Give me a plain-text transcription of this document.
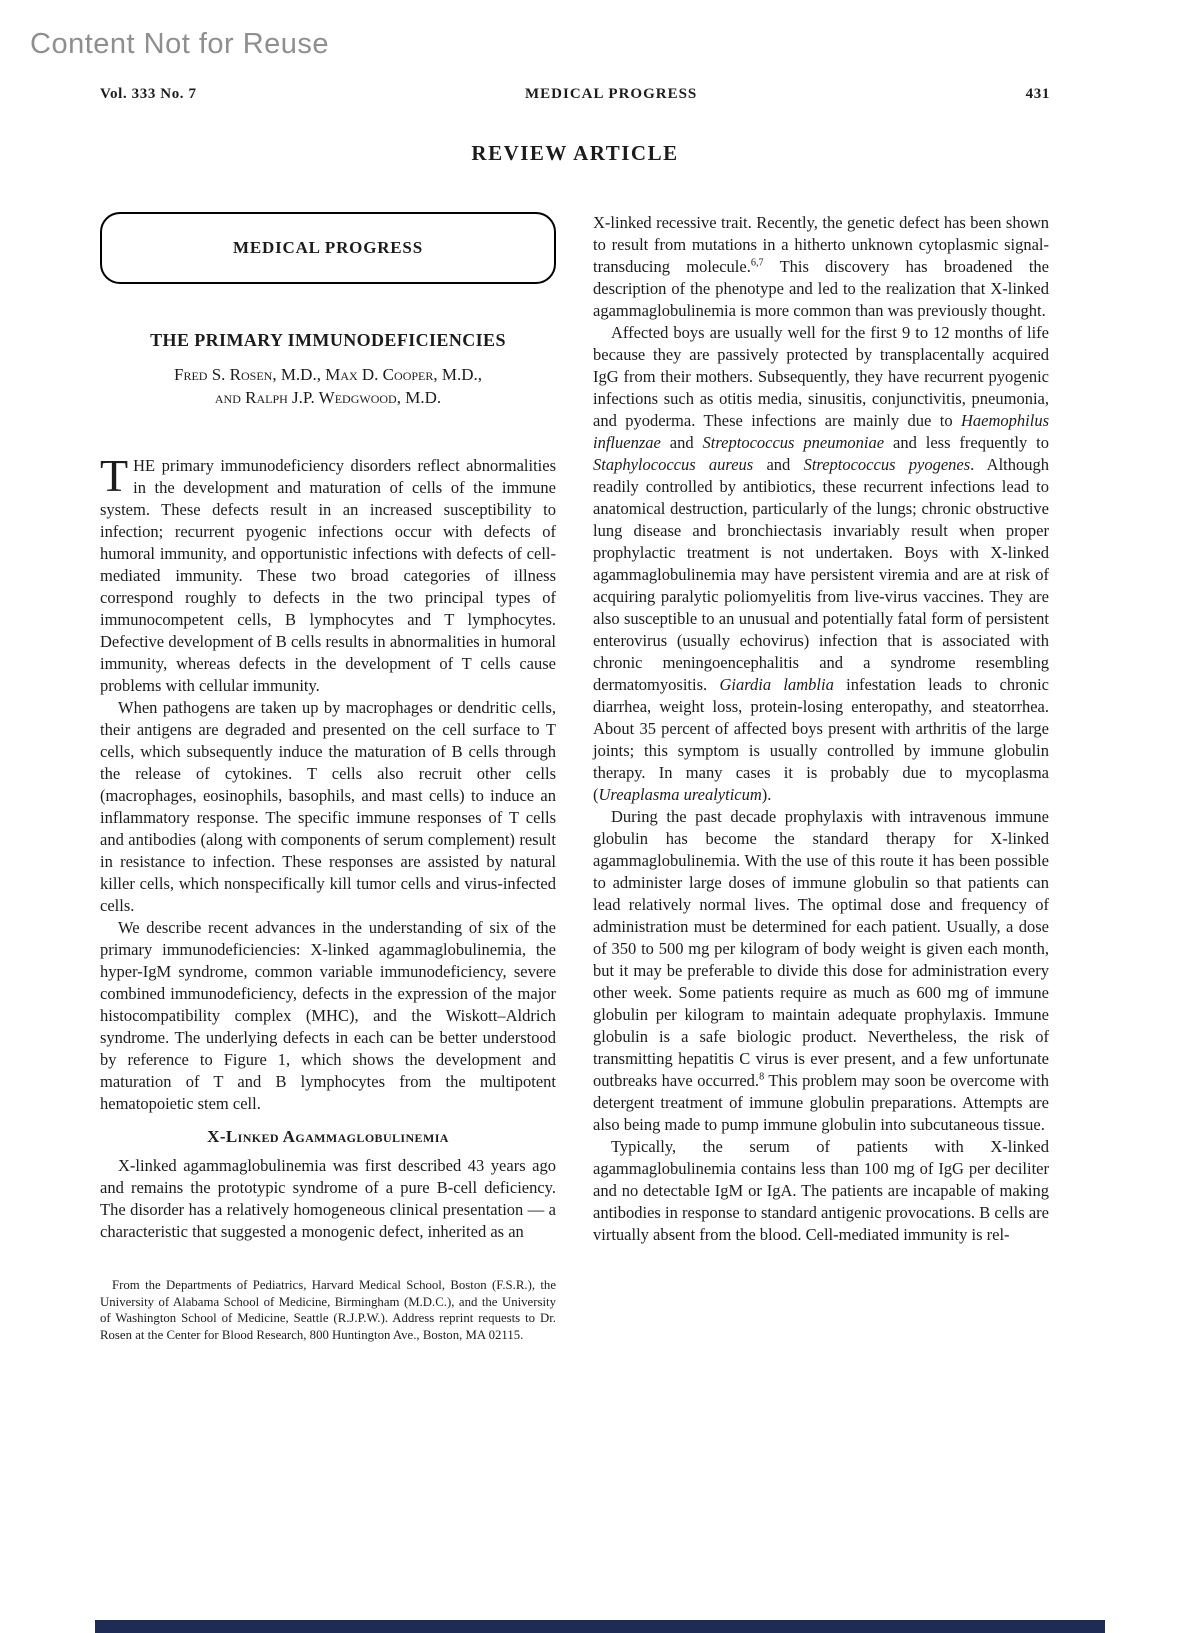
Content Not for Reuse
Vol. 333 No. 7	MEDICAL PROGRESS	431
REVIEW ARTICLE
MEDICAL PROGRESS
THE PRIMARY IMMUNODEFICIENCIES
Fred S. Rosen, M.D., Max D. Cooper, M.D.,
and Ralph J.P. Wedgwood, M.D.

THE primary immunodeficiency disorders reflect abnormalities in the development and maturation of cells of the immune system. These defects result in an increased susceptibility to infection; recurrent pyogenic infections occur with defects of humoral immunity, and opportunistic infections with defects of cell-mediated immunity. These two broad categories of illness correspond roughly to defects in the two principal types of immunocompetent cells, B lymphocytes and T lymphocytes. Defective development of B cells results in abnormalities in humoral immunity, whereas defects in the development of T cells cause problems with cellular immunity.

When pathogens are taken up by macrophages or dendritic cells, their antigens are degraded and presented on the cell surface to T cells, which subsequently induce the maturation of B cells through the release of cytokines. T cells also recruit other cells (macrophages, eosinophils, basophils, and mast cells) to induce an inflammatory response. The specific immune responses of T cells and antibodies (along with components of serum complement) result in resistance to infection. These responses are assisted by natural killer cells, which nonspecifically kill tumor cells and virus-infected cells.

We describe recent advances in the understanding of six of the primary immunodeficiencies: X-linked agammaglobulinemia, the hyper-IgM syndrome, common variable immunodeficiency, severe combined immunodeficiency, defects in the expression of the major histocompatibility complex (MHC), and the Wiskott–Aldrich syndrome. The underlying defects in each can be better understood by reference to Figure 1, which shows the development and maturation of T and B lymphocytes from the multipotent hematopoietic stem cell.

X-Linked Agammaglobulinemia

X-linked agammaglobulinemia was first described 43 years ago and remains the prototypic syndrome of a pure B-cell deficiency. The disorder has a relatively homogeneous clinical presentation — a characteristic that suggested a monogenic defect, inherited as an

From the Departments of Pediatrics, Harvard Medical School, Boston (F.S.R.), the University of Alabama School of Medicine, Birmingham (M.D.C.), and the University of Washington School of Medicine, Seattle (R.J.P.W.). Address reprint requests to Dr. Rosen at the Center for Blood Research, 800 Huntington Ave., Boston, MA 02115.

X-linked recessive trait. Recently, the genetic defect has been shown to result from mutations in a hitherto unknown cytoplasmic signal-transducing molecule.$^{6,7}$ This discovery has broadened the description of the phenotype and led to the realization that X-linked agammaglobulinemia is more common than was previously thought.

Affected boys are usually well for the first 9 to 12 months of life because they are passively protected by transplacentally acquired IgG from their mothers. Subsequently, they have recurrent pyogenic infections such as otitis media, sinusitis, conjunctivitis, pneumonia, and pyoderma. These infections are mainly due to Haemophilus influenzae and Streptococcus pneumoniae and less frequently to Staphylococcus aureus and Streptococcus pyogenes. Although readily controlled by antibiotics, these recurrent infections lead to anatomical destruction, particularly of the lungs; chronic obstructive lung disease and bronchiectasis invariably result when proper prophylactic treatment is not undertaken. Boys with X-linked agammaglobulinemia may have persistent viremia and are at risk of acquiring paralytic poliomyelitis from live-virus vaccines. They are also susceptible to an unusual and potentially fatal form of persistent enterovirus (usually echovirus) infection that is associated with chronic meningoencephalitis and a syndrome resembling dermatomyositis. Giardia lamblia infestation leads to chronic diarrhea, weight loss, protein-losing enteropathy, and steatorrhea. About 35 percent of affected boys present with arthritis of the large joints; this symptom is usually controlled by immune globulin therapy. In many cases it is probably due to mycoplasma (Ureaplasma urealyticum).

During the past decade prophylaxis with intravenous immune globulin has become the standard therapy for X-linked agammaglobulinemia. With the use of this route it has been possible to administer large doses of immune globulin so that patients can lead relatively normal lives. The optimal dose and frequency of administration must be determined for each patient. Usually, a dose of 350 to 500 mg per kilogram of body weight is given each month, but it may be preferable to divide this dose for administration every other week. Some patients require as much as 600 mg of immune globulin per kilogram to maintain adequate prophylaxis. Immune globulin is a safe biologic product. Nevertheless, the risk of transmitting hepatitis C virus is ever present, and a few unfortunate outbreaks have occurred.$^8$ This problem may soon be overcome with detergent treatment of immune globulin preparations. Attempts are also being made to pump immune globulin into subcutaneous tissue.

Typically, the serum of patients with X-linked agammaglobulinemia contains less than 100 mg of IgG per deciliter and no detectable IgM or IgA. The patients are incapable of making antibodies in response to standard antigenic provocations. B cells are virtually absent from the blood. Cell-mediated immunity is rel-
